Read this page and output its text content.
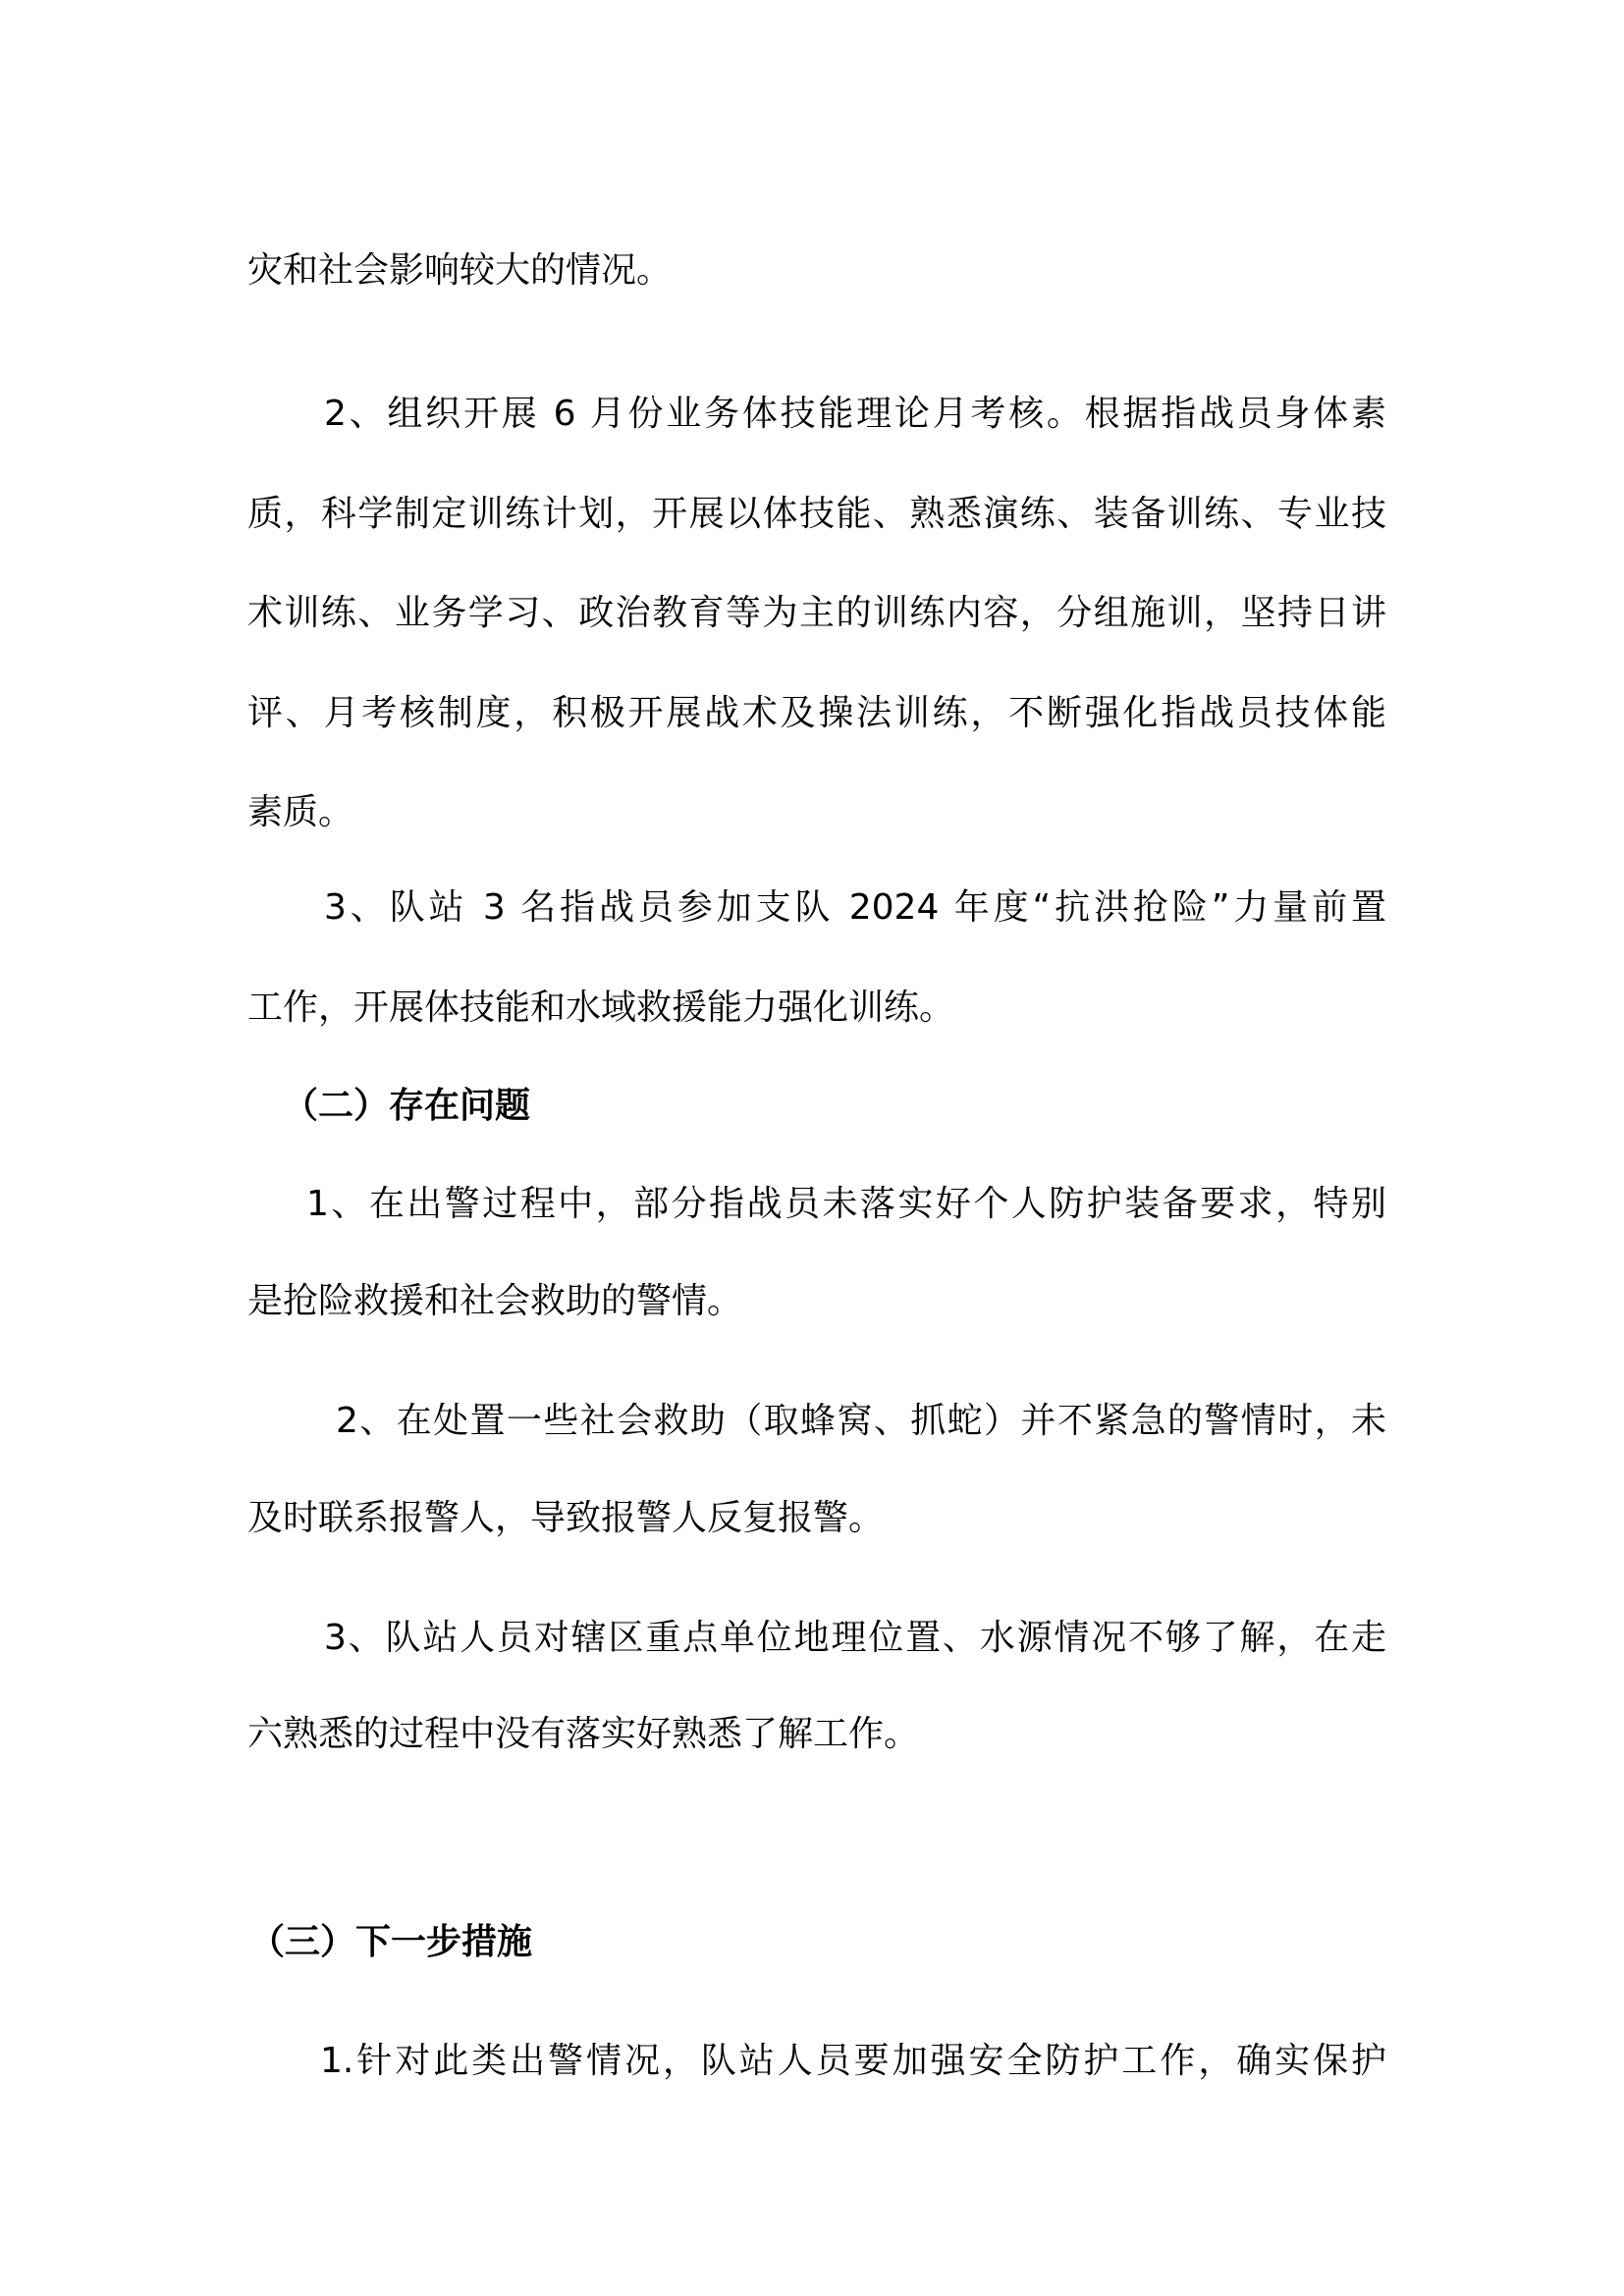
灾和社会影响较大的情况。
2、组织开展 6 月份业务体技能理论月考核。根据指战员身体素
质，科学制定训练计划，开展以体技能、熟悉演练、装备训练、专业技
术训练、业务学习、政治教育等为主的训练内容，分组施训，坚持日讲
评、月考核制度，积极开展战术及操法训练，不断强化指战员技体能
素质。
3、队站 3 名指战员参加支队 2024 年度“抗洪抢险”力量前置
工作，开展体技能和水域救援能力强化训练。
（二）存在问题
1、在出警过程中，部分指战员未落实好个人防护装备要求，特别
是抢险救援和社会救助的警情。
2、在处置一些社会救助（取蜂窝、抓蛇）并不紧急的警情时，未
及时联系报警人，导致报警人反复报警。
3、队站人员对辖区重点单位地理位置、水源情况不够了解，在走
六熟悉的过程中没有落实好熟悉了解工作。
（三）下一步措施
1.针对此类出警情况，队站人员要加强安全防护工作，确实保护
